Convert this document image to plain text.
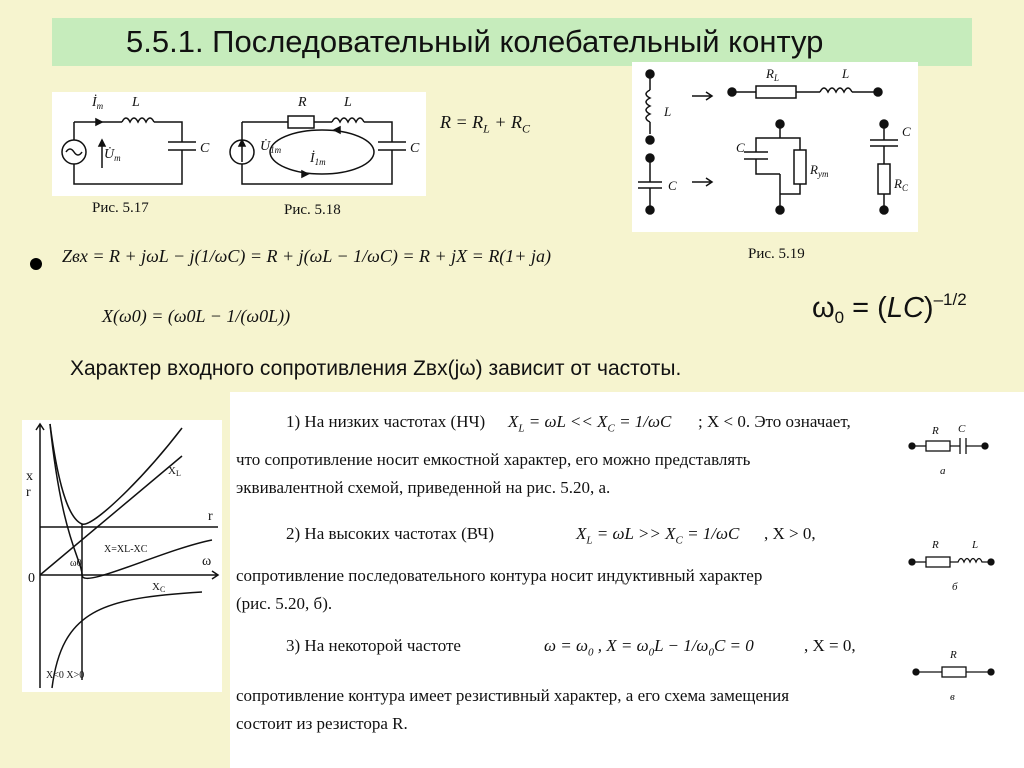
5.5.1. Последовательный колебательный контур
$İ_m$ L
$U̇_m$
C
R	L
$U̇_{1m}$
$İ_{1m}$
C
Рис. 5.17	Рис. 5.18
$R = R_L + R_C$
L
C
$R_L$	L
C
$R_{ут}$
C
$R_C$
Рис. 5.19
Zвх = R + jωL − j(1/ωC) = R + j(ωL − 1/ωC) = R + jX = R(1+ ja)
X(ω0) = (ω0L − 1/(ω0L))	$\omega_0 = (LC)^{-1/2}$
Характер входного сопротивления Zвх(jω) зависит от частоты.
x
r
r
ω
XL
XC
X=XL-XC
ω0
0
X<0 X>0
1) На низких частотах (НЧ) $X_L = \omega L << X_C = 1/\omega C$ ; X < 0. Это означает,
что сопротивление носит емкостной характер, его можно представлять
эквивалентной схемой, приведенной на рис. 5.20, а.
2) На высоких частотах (ВЧ)	$X_L = \omega L >> X_C = 1/\omega C$ , X > 0,
сопротивление последовательного контура носит индуктивный характер
(рис. 5.20, б).
3) На некоторой частоте	$\omega = \omega_0$ , $X = \omega_0L - 1/\omega_0C = 0$	, X = 0,
сопротивление контура имеет резистивный характер, а его схема замещения
состоит из резистора R.
R C
а
R	L
б
R
в
